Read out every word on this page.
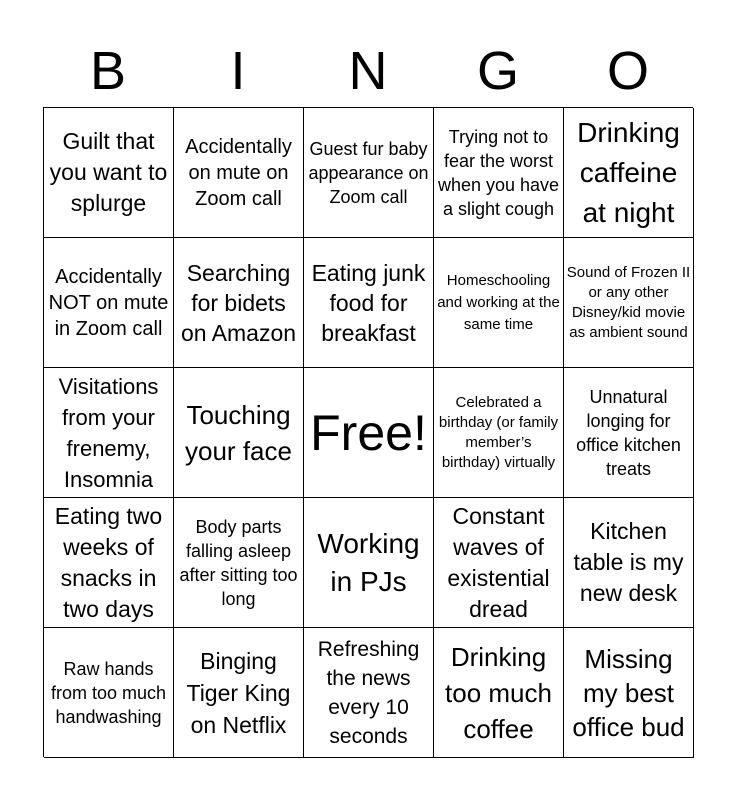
B	I	N	G	O
Guilt that you want to splurge
Accidentally on mute on Zoom call
Guest fur baby appearance on Zoom call
Trying not to fear the worst when you have a slight cough
Drinking caffeine at night
Accidentally NOT on mute in Zoom call
Searching for bidets on Amazon
Eating junk food for breakfast
Homeschooling and working at the same time
Sound of Frozen II or any other Disney/kid movie as ambient sound
Visitations from your frenemy, Insomnia
Touching your face Free!
Celebrated a birthday (or family member’s birthday) virtually
Unnatural longing for office kitchen treats
Eating two weeks of snacks in two days
Body parts falling asleep after sitting too long
Working in PJs
Constant waves of existential dread
Kitchen table is my new desk
Raw hands from too much handwashing
Binging Tiger King on Netflix
Refreshing the news every 10 seconds
Drinking too much coffee
Missing my best office bud
